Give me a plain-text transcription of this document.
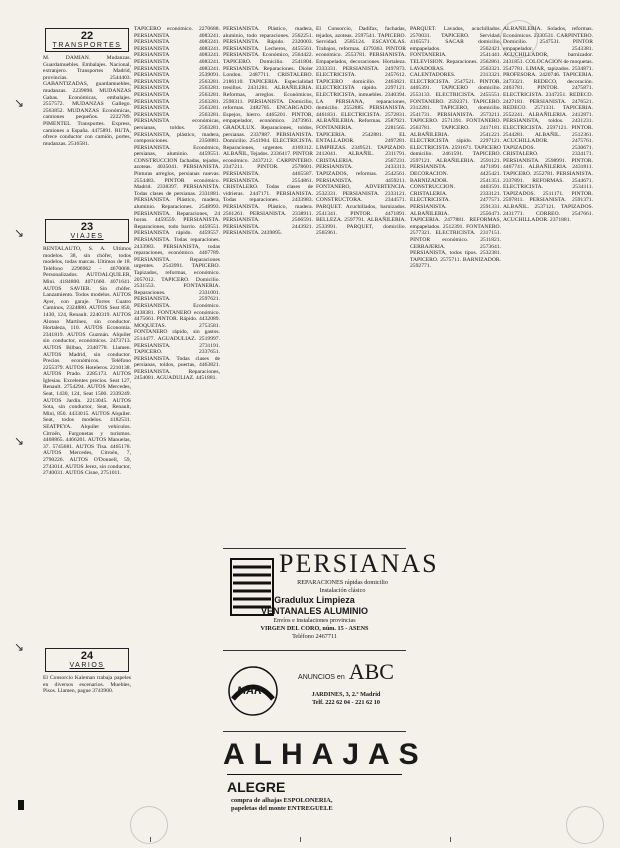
↘
↘
↘
↘
22
TRANSPORTES

M. DAMIAN. Mudanzas. Guardamuebles. Embalajes. Nacional, extranjero. Transportes Madrid, provincias. 2544403. GABANTIZADAS, guardamuebles, mudanzas. 2239898. MUDANZAS Gabas. Económicas, embalajes. 2557572. MUDANZAS Gallego. 2563852. MUDANZAS Económicas, camiones pequeños. 2222789. PIMENTEL Transportes. Express, camiones a España. 4475891. RUTA, ofrece conductor con camión, portes, mudanzas. 2516581.

23
VIAJES

RENTALAUTO, S. A. Ultimos modelos. 38, sin chófer, todos modelos, todas marcas. Ultimos de 18. Teléfono 2296962 - 4670068. Personalizados. AUTOALQUILER, Mini. 4184800. 4071660. 4071641. AUTOS SAVIER. Sin chófer. Lanzamiento. Todos modelos. AUTOS Ayer, con garaje. Torres Cuatro Caminos, 2324880. AUTOS Seat 850, 1430, 124, Renault. 2240319. AUTOS Alonso Martínez, sin conductor. Hortaleza, 110. AUTOS Economía. 2341819. AUTOS Guzmán. Alquiler sin conductor, económicos. 2473713. AUTOS Bilbao, 2340778. Llamen. AUTOS Madrid, sin conductor. Precios económicos. Teléfono 2255379. AUTOS Hoteleros. 2210138. AUTOS Prado. 2285173. AUTOS Iglesias. Excelentes precios. Seat 127, Renault. 2754294. AUTOS Mercedes, Seat, 1430, 124, Seat 1500. 2339249. AUTOS Jardín. 2213045. AUTOS Sota, sin conductor, Seat, Renault, Mini, 850. 4433015. AUTOS Alquiler. Seat, todos modelos. 4182531. SEATPEYA. Alquiler vehículos. Citroën, Furgonetas y turismos. 4468865. 4466201. AUTOS Manuelas, 37. 5745681. AUTOS Tlsa. 4465178. AUTOS Mercedes, Citroën, 7, 2790226. AUTOS O'Donnell, 59, 2743014. AUTOS Jerez, sin conductor, 2740031. AUTOS Cisne, 2751011.

24
VARIOS

El Consorcio Kaleman trabaja papeles en diversos escenarios. Muebles, Pisos. Llamen, pague 3743900.

TAPICERO económico. 2270688. PERSIANISTA 4083241. PERSIANISTA 4083241. PERSIANISTA 4083241. PERSIANISTA 4083241. PERSIANISTA 4083241. PERSIANISTA 4083241. PERSIANISTA 2539091. PERSIANISTA 2563281. PERSIANISTA 2563281. PERSIANISTA 2563281. PERSIANISTA 2563281. PERSIANISTA 2563281. PERSIANISTA 2563281. PERSIANISTA económicas, persianas, toldos. 2563281. PERSIANISTA, plástico, madera, composiciones. 2350881. PERSIANISTA. Económico, persianas, aluminio. 4459551. CONSTRUCCION fachadas, tejados, azoteas. 4035041. PERSIANISTA. Pinturas arreglos, persianas nuevas. 2554483. PINTOR económico. Madrid. 2338397. PERSIANISTA. Todas clases de persianas. 2331881. PERSIANISTA. Plástico, madera, aluminio. Reparaciones. 2548993. PERSIANISTA. Reparaciones, 24 horas. 4459559. PERSIANISTA. Reparaciones, todo barrio. 4459551. PERSIANISTA rápido. 4459557. PERSIANISTA. Todas reparaciones. 2433983. PERSIANISTA, todas reparaciones, económico. 4467789. PERSIANISTA. Reparaciones urgentes. 2543991. TAPICERO. Tapizados, reformas, económico. 2057012. TAPICERO. Domicilio. 2531553. FONTANERIA. Reparaciones. 2331001. PERSIANISTA. 2597621. PERSIANISTA. Económico. 2438381. FONTANERO económico. 4475661. PINTOR. Rápido. 4432089. MOQUETAS. 2753581. FONTANERO rápido, sin gastos. 2514477. AGUADULIAZ. 2519997. PERSIANISTA. 2731191. TAPICERO. 2337651. PERSIANISTA. Todas clases de persianas, toldos, puertas, 4463821. PERSIANISTA. Reparaciones, 2454081. AGUADULIAZ. 4451881.

PERSIANISTA. Plástico, madera, aluminio, todo reparaciones. 2562251. PERSIANISTA. Rápido. 2320003. PERSIANISTA. Lecheros, 4455561. PERSIANISTA. Económico, 2564422. TAPICERO. Domicilio. 2541804. PERSIANISTA. Reparaciones. Dioler London. 2487711. CRISTALERO. 2186110. TAPICERIA. Especialidad tresillos. 2431281. ALBAÑILERIA. Reformas, arreglos. Económicos, 2598311. PERSIANISTA. Domicilio, reformas. 2482785. ENCARGADO. Espejos, hierro. 4465201. PINTOR, empapelador, económico. 2473961. GRADULUX. Reparaciones, toldos, persianas. 2337887. PERSIANISTA. Domicilio. 2541904. ELECTRICISTA. Reparaciones, urgentes. 4169312. ALBAÑIL, Tejados. 2336417. PINTOR económico. 2437212. CARPINTERO. 2347211. PINTOR. 2578601. PERSIANISTA. 4465587. PERSIANISTA. 2554861. CRISTALERO. Todas clases de vidrieras. 2447171. PERSIANISTA. Todas reparaciones. 2433983. PERSIANISTA. Plástico, madera. 2561261. PERSIANISTA. 2338911. PERSIANISTA. 2566591. PERSIANISTA. 2443921. PERSIANISTA. 2439895.

El Consorcio, Dadifax, fachadas, tejados, azoteas. 2597541. TAPICERO. Servidad. 2585124. ESCAYOLAS. Trabajos, reformas. 4379363. PINTOR económico. 2553781. PERSIANISTA. Empapelados, decoraciones. Hortaleza. 2333331. PERSIANISTA. 2497873. ELECTRICISTA. 2457612. TAPICERO domicilio. 2463821. ELECTRICISTA rápido. 2297121. ELECTRICISTA, inmuebles. 2340394. LA PERSIANA, reparaciones, domicilio. 2552885. PERSIANISTA. 4461831. ELECTRICISTA. 2572831. ALBAÑILERIA. Reformas. 2587921. FONTANERIA. 2281565. TAPICERIA. 2542881. EL ENTALLADOR. 2497281. LIMPIEZAS. 2349521. TAPIZADO. 2412041. ALBAÑIL. 2311791. CRISTALERIA. 2567231. PERSIANISTA. 2433313. TAPIZADOS, reformas. 2542561. PERSIANISTA. 4459211. FONTANERO, ADVERTENCIA. 2532331. PERSIANISTA. 2333121. CONSTRUCTORA. 2344571. PARQUET. Acuchillados, barnizados. 2541341. PINTOR. 4471891. BELLEZA. 2597791. ALBAÑILERIA. 2533991. PARQUET, domicilio. 2565961.

PARQUET. Lavados, acuchillados. 2570031. TAPICERO. Servidad. 4165571. SACAR domicilio, empapelados. 2562421. FONTANERIA. 2541441. TELEVISION. Reparaciones. 2562861. LAVADORAS. 2563321. CALENTADORES. 2313321. ELECTRICISTA. 2547521. PINTOR. 4405391. TAPICERO domicilio. 2553133. ELECTRICISTA. 2455551. FONTANERO. 2592371. TAPICERO. 2312281. TAPICERO, domicilio. 2541731. PERSIANISTA. 2573211. TAPICERO. 2571391. FONTANERO. 2563781. TAPICERO. 2417181. ALBAÑILERIA. 2541221. ELECTRICISTA rápido. 2297121. ELECTRICISTA. 2591671. TAPICERO domicilio. 2461591. TAPICERO. 2597121. ALBAÑILERIA. 2591121. PERSIANISTA. 4471891. DECORACION. 4425421. BARNIZADOR. 2541351. CONSTRUCCION. 4403591. CRISTALERIA. 2333121. ELECTRICISTA. 2477571. PERSIANISTA. 2591331. ALBAÑILERIA. 2556471. TAPICERIA. 2477881. REFORMAS, empapelados. 2512391. FONTANERO. 2577321. ELECTRICISTA. 2317151. PINTOR económico. 2511821. CERRAJERIA. 2573641. PERSIANISTA, todos tipos. 2532381. TAPICERO. 2575711. BARNIZADOR. 2592771.

ALBAÑILERIA. Solados, reformas. Económicos. 2330531. CARPINTERO. Domicilio. 2547531. PINTOR empapelador. 2543381. ACUCHILLADOR, barnizador. 2431851. COLOCACION de moquetas. 2547781. LIMAR, tapizados. 2534871. PROFESORA. 2420746. TAPICERIA. 2473321. REDECO, decoración. 2463781. PINTOR. 2475871. ELECTRICISTA. 2347251. REDECO. 2427181. PERSIANISTA. 2476521. REDECO. 2571331. TAPICERIA. 2552241. ALBAÑILERIA. 2412871. PERSIANISTA, toldos. 2431231. ELECTRICISTA. 2597121. PINTOR. 2544281. ALBAÑIL. 2512361. ACUCHILLADOR. 2475761. TAPIZADOS. 2530671. CRISTALERO. 2334171. PERSIANISTA. 2598991. PINTOR. 4467741. ALBAÑILERIA. 2431811. TAPICERO. 2552781. PERSIANISTA. 2337891. REFORMAS. 2544671. ELECTRICISTA. 2534111. TAPIZADOS. 2511171. PINTOR. 2597811. PERSIANISTA. 2591371. ALBAÑIL. 2537121. TAPIZADOS. 2431771. CORREO. 2547661. ACUCHILLADOR. 2371881.

PERSIANAS
REPARACIONES rápidas domicilio
Instalación clásico
Gradulux Limpieza
VENTANALES ALUMINIO
Envíos e instalaciones provincias
VIRGEN DEL CORO, núm. 15 - ASENS
Teléfono 2467711
MAR
ANUNCIOS en ABC
JARDINES, 3, 2.º Madrid
Telf. 222 62 04 - 221 62 10
ALHAJAS
ALEGRE compra de alhajas ESPOLONERIA, papeletas del monte ENTREGUELE
